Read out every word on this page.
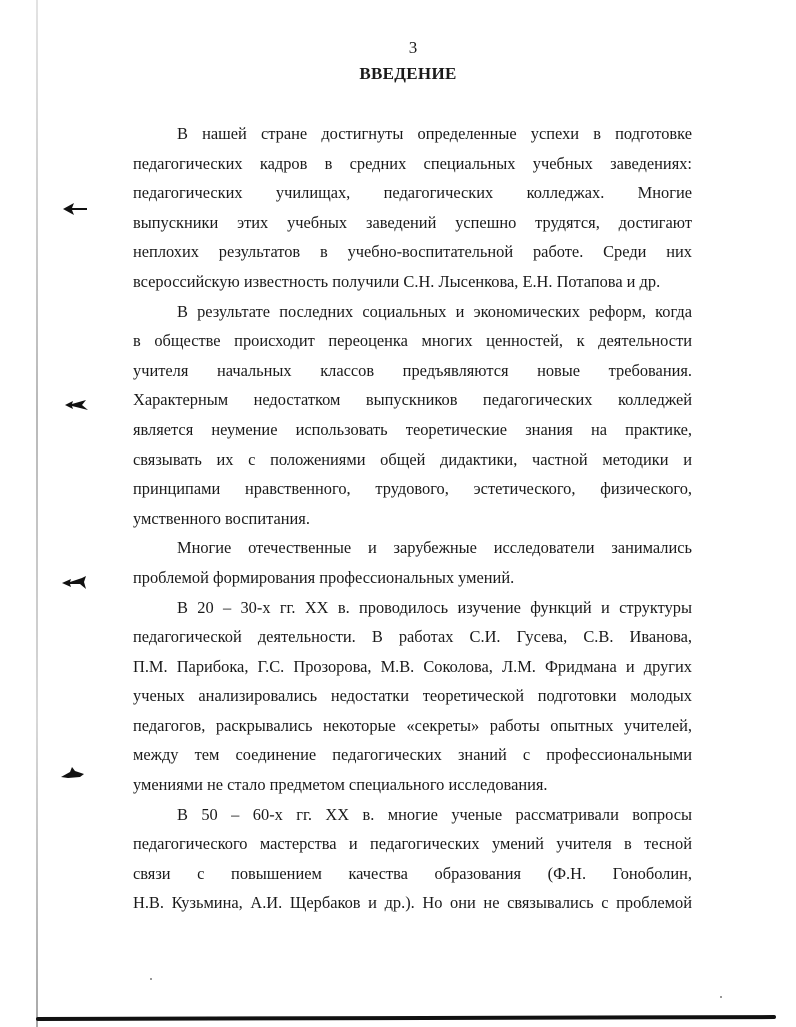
3
ВВЕДЕНИЕ

В нашей стране достигнуты определенные успехи в подготовке
педагогических кадров в средних специальных учебных заведениях:
педагогических училищах, педагогических колледжах. Многие
выпускники этих учебных заведений успешно трудятся, достигают
неплохих результатов в учебно-воспитательной работе. Среди них
всероссийскую известность получили С.Н. Лысенкова, Е.Н. Потапова и др.

В результате последних социальных и экономических реформ, когда
в обществе происходит переоценка многих ценностей, к деятельности
учителя начальных классов предъявляются новые требования.
Характерным недостатком выпускников педагогических колледжей
является неумение использовать теоретические знания на практике,
связывать их с положениями общей дидактики, частной методики и
принципами нравственного, трудового, эстетического, физического,
умственного воспитания.

Многие отечественные и зарубежные исследователи занимались
проблемой формирования профессиональных умений.

В 20 – 30-х гг. XX в. проводилось изучение функций и структуры
педагогической деятельности. В работах С.И. Гусева, С.В. Иванова,
П.М. Парибока, Г.С. Прозорова, М.В. Соколова, Л.М. Фридмана и других
ученых анализировались недостатки теоретической подготовки молодых
педагогов, раскрывались некоторые «секреты» работы опытных учителей,
между тем соединение педагогических знаний с профессиональными
умениями не стало предметом специального исследования.

В 50 – 60-х гг. XX в. многие ученые рассматривали вопросы
педагогического мастерства и педагогических умений учителя в тесной
связи с повышением качества образования (Ф.Н. Гоноболин,
Н.В. Кузьмина, А.И. Щербаков и др.). Но они не связывались с проблемой
